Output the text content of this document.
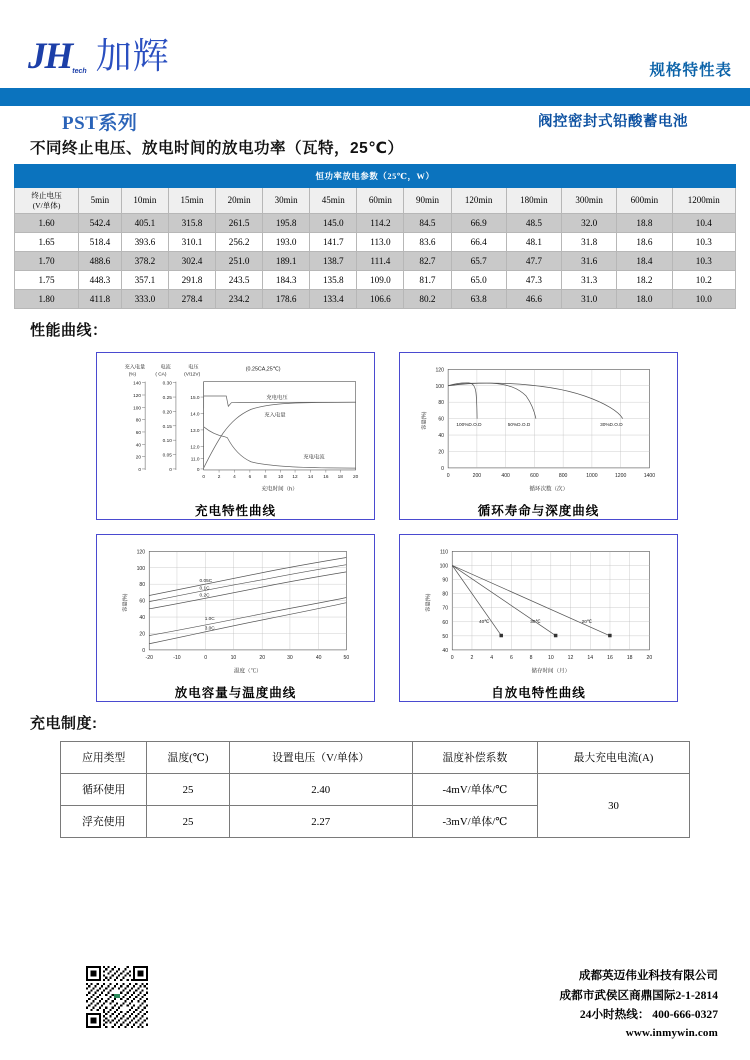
JH tech 加辉	规格特性表
PST系列	阀控密封式铅酸蓄电池
不同终止电压、放电时间的放电功率（瓦特，25℃）
恒功率放电参数（25℃，W）													
终止电压
(V/单体)	5min	10min	15min	20min	30min	45min	60min	90min	120min	180min	300min	600min	1200min
1.60	542.4	405.1	315.8	261.5	195.8	145.0	114.2	84.5	66.9	48.5	32.0	18.8	10.4
1.65	518.4	393.6	310.1	256.2	193.0	141.7	113.0	83.6	66.4	48.1	31.8	18.6	10.3
1.70	488.6	378.2	302.4	251.0	189.1	138.7	111.4	82.7	65.7	47.7	31.6	18.4	10.3
1.75	448.3	357.1	291.8	243.5	184.3	135.8	109.0	81.7	65.0	47.3	31.3	18.2	10.2
1.80	411.8	333.0	278.4	234.2	178.6	133.4	106.6	80.2	63.8	46.6	31.0	18.0	10.0
性能曲线：
充入电量	电流	电压
(%)	( CA)	(V/12V)
(0.25CA,25℃)
140
120
100
80
60
40
20
0
0.30
0.25
0.20
0.15
0.10
0.05
0
15.0
14.0
13.0
12.0
11.0
0
0	2	4	6	8 10 12 14 16 18 20
充电时间（h）
充电电压
充入电量
充电电流
充电特性曲线
120
100
80
60
40
20
0
0	200	400	600	800	1000	1200	1400
容量(%)
循环次数（次）
100%D.O.D	50%D.O.D	30%D.O.D
循环寿命与深度曲线
120
100
80
60
40
20
0
-20	-10	0	10	20	30	40	50
容量(%)
温度（℃）
0.05C
0.1C
0.2C
1.0C
3.0C
放电容量与温度曲线
110
100
90
80
70
60
50
40
0	2	4	6	8	10	12	14	16	18	20
容量(%)
储存时间（月）
40℃	30℃	20℃
自放电特性曲线
充电制度:
应用类型	温度(℃)	设置电压（V/单体）	温度补偿系数	最大充电电流(A)
循环使用	25	2.40	-4mV/单体/℃	30
浮充使用	25	2.27	-3mV/单体/℃	
成都英迈伟业科技有限公司
成都市武侯区商鼎国际2-1-2814
24小时热线： 400-666-0327
www.inmywin.com
